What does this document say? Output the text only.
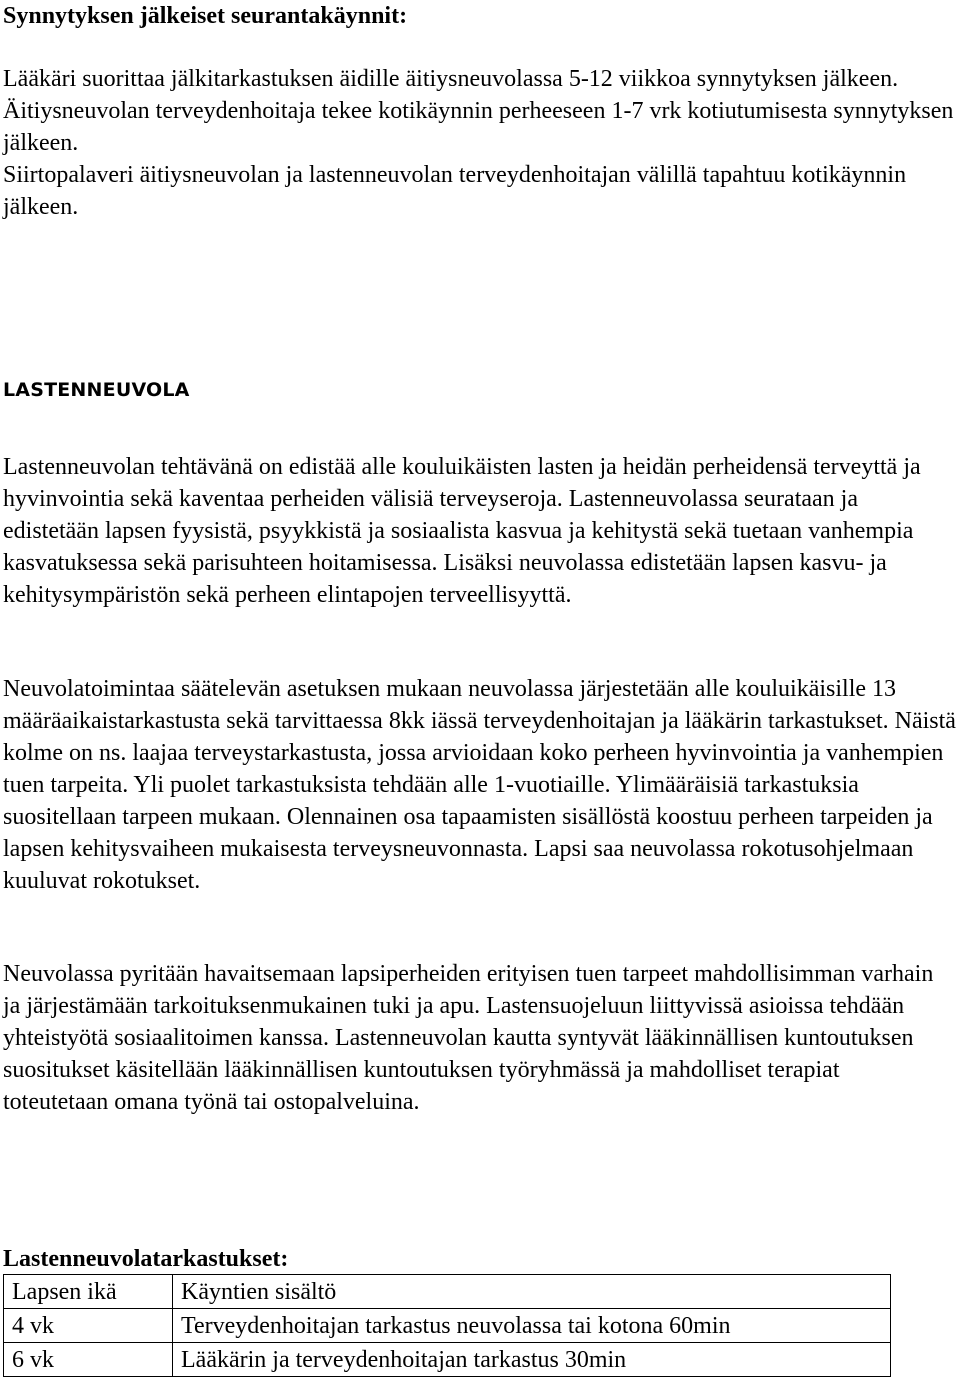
Synnytyksen jälkeiset seurantakäynnit:

Lääkäri suorittaa jälkitarkastuksen äidille äitiysneuvolassa 5-12 viikkoa synnytyksen jälkeen.

Äitiysneuvolan terveydenhoitaja tekee kotikäynnin perheeseen 1-7 vrk kotiutumisesta synnytyksen jälkeen.

Siirtopalaveri äitiysneuvolan ja lastenneuvolan terveydenhoitajan välillä tapahtuu kotikäynnin jälkeen.

LASTENNEUVOLA

Lastenneuvolan tehtävänä on edistää alle kouluikäisten lasten ja heidän perheidensä terveyttä ja hyvinvointia sekä kaventaa perheiden välisiä terveyseroja. Lastenneuvolassa seurataan ja edistetään lapsen fyysistä, psyykkistä ja sosiaalista kasvua ja kehitystä sekä tuetaan vanhempia kasvatuksessa sekä parisuhteen hoitamisessa. Lisäksi neuvolassa edistetään lapsen kasvu- ja kehitysympäristön sekä perheen elintapojen terveellisyyttä.

Neuvolatoimintaa säätelevän asetuksen mukaan neuvolassa järjestetään alle kouluikäisille 13 määräaikaistarkastusta sekä tarvittaessa 8kk iässä terveydenhoitajan ja lääkärin tarkastukset. Näistä kolme on ns. laajaa terveystarkastusta, jossa arvioidaan koko perheen hyvinvointia ja vanhempien tuen tarpeita. Yli puolet tarkastuksista tehdään alle 1-vuotiaille. Ylimääräisiä tarkastuksia suositellaan tarpeen mukaan. Olennainen osa tapaamisten sisällöstä koostuu perheen tarpeiden ja lapsen kehitysvaiheen mukaisesta terveysneuvonnasta. Lapsi saa neuvolassa rokotusohjelmaan kuuluvat rokotukset.

Neuvolassa pyritään havaitsemaan lapsiperheiden erityisen tuen tarpeet mahdollisimman varhain ja järjestämään tarkoituksenmukainen tuki ja apu. Lastensuojeluun liittyvissä asioissa tehdään yhteistyötä sosiaalitoimen kanssa. Lastenneuvolan kautta syntyvät lääkinnällisen kuntoutuksen suositukset käsitellään lääkinnällisen kuntoutuksen työryhmässä ja mahdolliset terapiat toteutetaan omana työnä tai ostopalveluina.

Lastenneuvolatarkastukset:

Lapsen ikä	Käyntien sisältö
4 vk	Terveydenhoitajan tarkastus neuvolassa tai kotona 60min
6 vk	Lääkärin ja terveydenhoitajan tarkastus 30min
